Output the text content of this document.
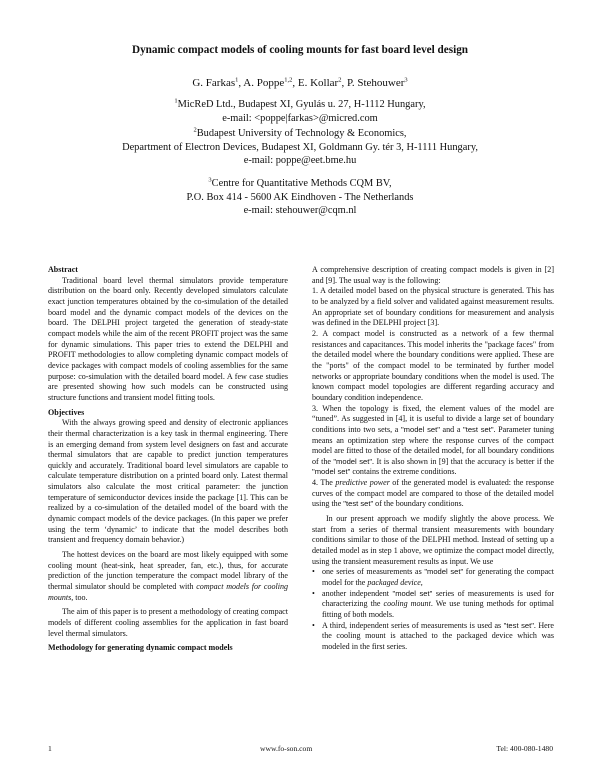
Dynamic compact models of cooling mounts for fast board level design
G. Farkas$^1$, A. Poppe$^{1,2}$, E. Kollar$^2$, P. Stehouwer$^3$
$^1$MicReD Ltd., Budapest XI, Gyulás u. 27, H-1112 Hungary,
e-mail: <poppe|farkas>@micred.com
$^2$Budapest University of Technology & Economics,
Department of Electron Devices, Budapest XI, Goldmann Gy. tér 3, H-1111 Hungary,
e-mail: poppe@eet.bme.hu
$^3$Centre for Quantitative Methods CQM BV,
P.O. Box 414 - 5600 AK Eindhoven - The Netherlands
e-mail: stehouwer@cqm.nl

Abstract

Traditional board level thermal simulators provide temperature distribution on the board only. Recently developed simulators calculate exact junction temperatures obtained by the co-simulation of the detailed board model and the dynamic compact models of the devices on the board. The DELPHI project targeted the generation of steady-state compact models while the aim of the recent PROFIT project was the same for dynamic simulations. This paper tries to extend the DELPHI and PROFIT methodologies to allow completing dynamic compact models of device packages with compact models of cooling assemblies for the same purpose: co-simulation with the detailed board model. A few case studies are presented showing how such models can be constructed using structure functions and transient model fitting tools.

Objectives

With the always growing speed and density of electronic appliances their thermal characterization is a key task in thermal engineering. There is an emerging demand from system level designers on fast and accurate thermal simulators that are capable to predict junction temperatures quickly and accurately. Traditional board level simulators are capable to calculate temperature distribution on a printed board only. Latest thermal simulators also calculate the most critical parameter: the junction temperature of semiconductor devices inside the package [1]. This can be realized by a co-simulation of the detailed model of the board with the dynamic compact models of the device packages. (In this paper we prefer using the term ‘dynamic’ to indicate that the model describes both transient and frequency domain behavior.)

The hottest devices on the board are most likely equipped with some cooling mount (heat-sink, heat spreader, fan, etc.), thus, for accurate prediction of the junction temperature the compact model library of the thermal simulator should be completed with compact models for cooling mounts, too.

The aim of this paper is to present a methodology of creating compact models of different cooling assemblies for the application in fast board level thermal simulators.

Methodology for generating dynamic compact models

A comprehensive description of creating compact models is given in [2] and [9]. The usual way is the following:

1. A detailed model based on the physical structure is generated. This has to be analyzed by a field solver and validated against measurement results. An appropriate set of boundary conditions for measurement and analysis was defined in the DELPHI project [3].

2. A compact model is constructed as a network of a few thermal resistances and capacitances. This model inherits the "package faces" from the detailed model where the boundary conditions were applied. These are the "ports" of the compact model to be terminated by further model networks or appropriate boundary conditions when the model is used. The known compact model topologies are different regarding accuracy and boundary condition independence.

3. When the topology is fixed, the element values of the model are “tuned”. As suggested in [4], it is useful to divide a large set of boundary conditions into two sets, a "model set" and a "test set". Parameter tuning means an optimization step where the response curves of the compact model are fitted to those of the detailed model, for all boundary conditions of the "model set". It is also shown in [9] that the accuracy is better if the "model set" contains the extreme conditions.

4. The predictive power of the generated model is evaluated: the response curves of the compact model are compared to those of the detailed model using the "test set" of the boundary conditions.

In our present approach we modify slightly the above process. We start from a series of thermal transient measurements with boundary conditions similar to those of the DELPHI method. Instead of setting up a detailed model as in step 1 above, we optimize the compact model directly, using the transient measurement results as input. We use

• one series of measurements as "model set" for generating the compact model for the packaged device,
• another independent "model set" series of measurements is used for characterizing the cooling mount. We use tuning methods for optimal fitting of both models.
• A third, independent series of measurements is used as "test set". Here the cooling mount is attached to the packaged device which was modeled in the first series.
1	www.fo-son.com	Tel: 400-080-1480
